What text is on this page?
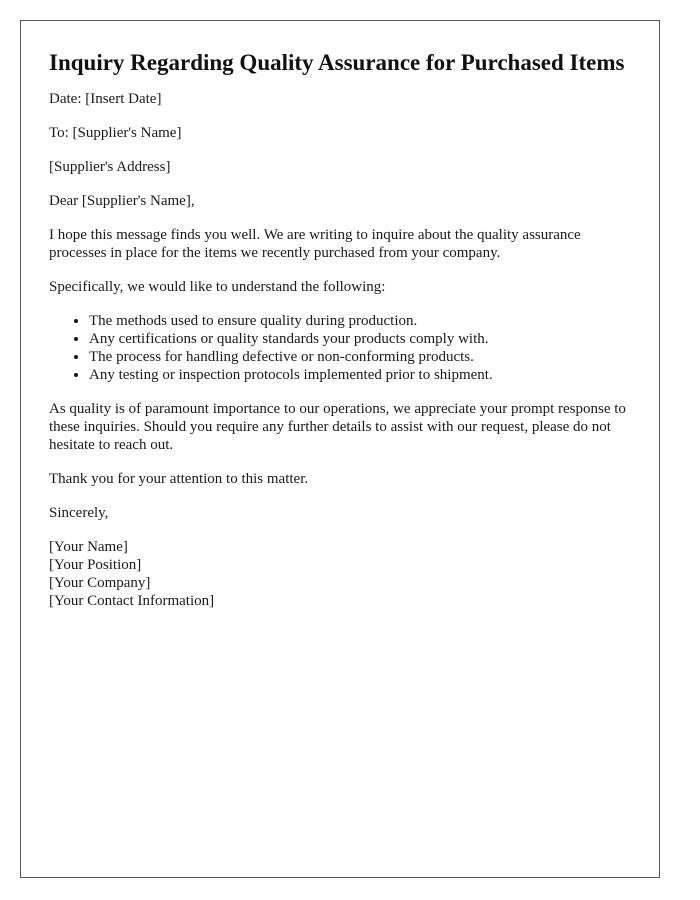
Inquiry Regarding Quality Assurance for Purchased Items

Date: [Insert Date]

To: [Supplier's Name]

[Supplier's Address]

Dear [Supplier's Name],

I hope this message finds you well. We are writing to inquire about the quality assurance processes in place for the items we recently purchased from your company.

Specifically, we would like to understand the following:

• The methods used to ensure quality during production.
• Any certifications or quality standards your products comply with.
• The process for handling defective or non-conforming products.
• Any testing or inspection protocols implemented prior to shipment.

As quality is of paramount importance to our operations, we appreciate your prompt response to these inquiries. Should you require any further details to assist with our request, please do not hesitate to reach out.

Thank you for your attention to this matter.

Sincerely,

[Your Name]
[Your Position]
[Your Company]
[Your Contact Information]
